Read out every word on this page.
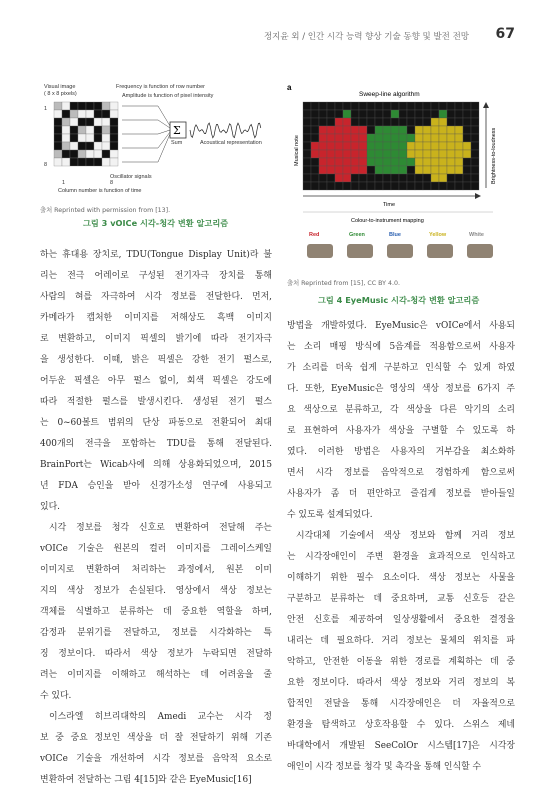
정지윤 외 / 인간 시각 능력 향상 기술 동향 및 발전 전망 67
Σ
Visual image
( 8 x 8 pixels)
Frequency is function of row number
Amplitude is function of pixel intensity
Sum	Acoustical representation
Oscillator signals
Column number is function of time
1
8
1	8
출처 Reprinted with permission from [13].
그림 3 vOICe 시각-청각 변환 알고리즘
a
Sweep-line algorithm
Musical note	Brightness-to-loudness
Time
Colour-to-instrument mapping
Red	Green	Blue	Yellow	White
출처 Reprinted from [15], CC BY 4.0.
그림 4 EyeMusic 시각-청각 변환 알고리즘

하는 휴대용 장치로, TDU(Tongue Display Unit)라 불
리는 전극 어레이로 구성된 전기자극 장치를 통해
사람의 혀를 자극하여 시각 정보를 전달한다. 먼저,
카메라가 캡처한 이미지를 저해상도 흑백 이미지
로 변환하고, 이미지 픽셀의 밝기에 따라 전기자극
을 생성한다. 이때, 밝은 픽셀은 강한 전기 펄스로,
어두운 픽셀은 아무 펄스 없이, 회색 픽셀은 강도에
따라 적절한 펄스를 발생시킨다. 생성된 전기 펄스
는 0~60볼트 범위의 단상 파동으로 전환되어 최대
400개의 전극을 포함하는 TDU를 통해 전달된다.
BrainPort는 Wicab사에 의해 상용화되었으며, 2015
년 FDA 승인을 받아 신경가소성 연구에 사용되고
있다.

시각 정보를 청각 신호로 변환하여 전달해 주는
vOICe 기술은 원본의 컬러 이미지를 그레이스케일
이미지로 변환하여 처리하는 과정에서, 원본 이미
지의 색상 정보가 손실된다. 영상에서 색상 정보는
객체를 식별하고 분류하는 데 중요한 역할을 하며,
감정과 분위기를 전달하고, 정보를 시각화하는 특
징 정보이다. 따라서 색상 정보가 누락되면 전달하
려는 이미지를 이해하고 해석하는 데 어려움을 줄
수 있다.

이스라엘 히브리대학의 Amedi 교수는 시각 정
보 중 중요 정보인 색상을 더 잘 전달하기 위해 기존
vOICe 기술을 개선하여 시각 정보를 음악적 요소로
변환하여 전달하는 그림 4[15]와 같은 EyeMusic[16]

방법을 개발하였다. EyeMusic은 vOICe에서 사용되
는 소리 매핑 방식에 5음계를 적용함으로써 사용자
가 소리를 더욱 쉽게 구분하고 인식할 수 있게 하였
다. 또한, EyeMusic은 영상의 색상 정보를 6가지 주
요 색상으로 분류하고, 각 색상을 다른 악기의 소리
로 표현하여 사용자가 색상을 구별할 수 있도록 하
였다. 이러한 방법은 사용자의 거부감을 최소화하
면서 시각 정보를 음악적으로 경험하게 함으로써
사용자가 좀 더 편안하고 즐겁게 정보를 받아들일
수 있도록 설계되었다.

시각대체 기술에서 색상 정보와 함께 거리 정보
는 시각장애인이 주변 환경을 효과적으로 인식하고
이해하기 위한 필수 요소이다. 색상 정보는 사물을
구분하고 분류하는 데 중요하며, 교통 신호등 같은
안전 신호를 제공하여 일상생활에서 중요한 결정을
내리는 데 필요하다. 거리 정보는 물체의 위치를 파
악하고, 안전한 이동을 위한 경로를 계획하는 데 중
요한 정보이다. 따라서 색상 정보와 거리 정보의 복
합적인 전달을 통해 시각장애인은 더 자율적으로
환경을 탐색하고 상호작용할 수 있다. 스위스 제네
바대학에서 개발된 SeeColOr 시스템[17]은 시각장
애인이 시각 정보를 청각 및 촉각을 통해 인식할 수
